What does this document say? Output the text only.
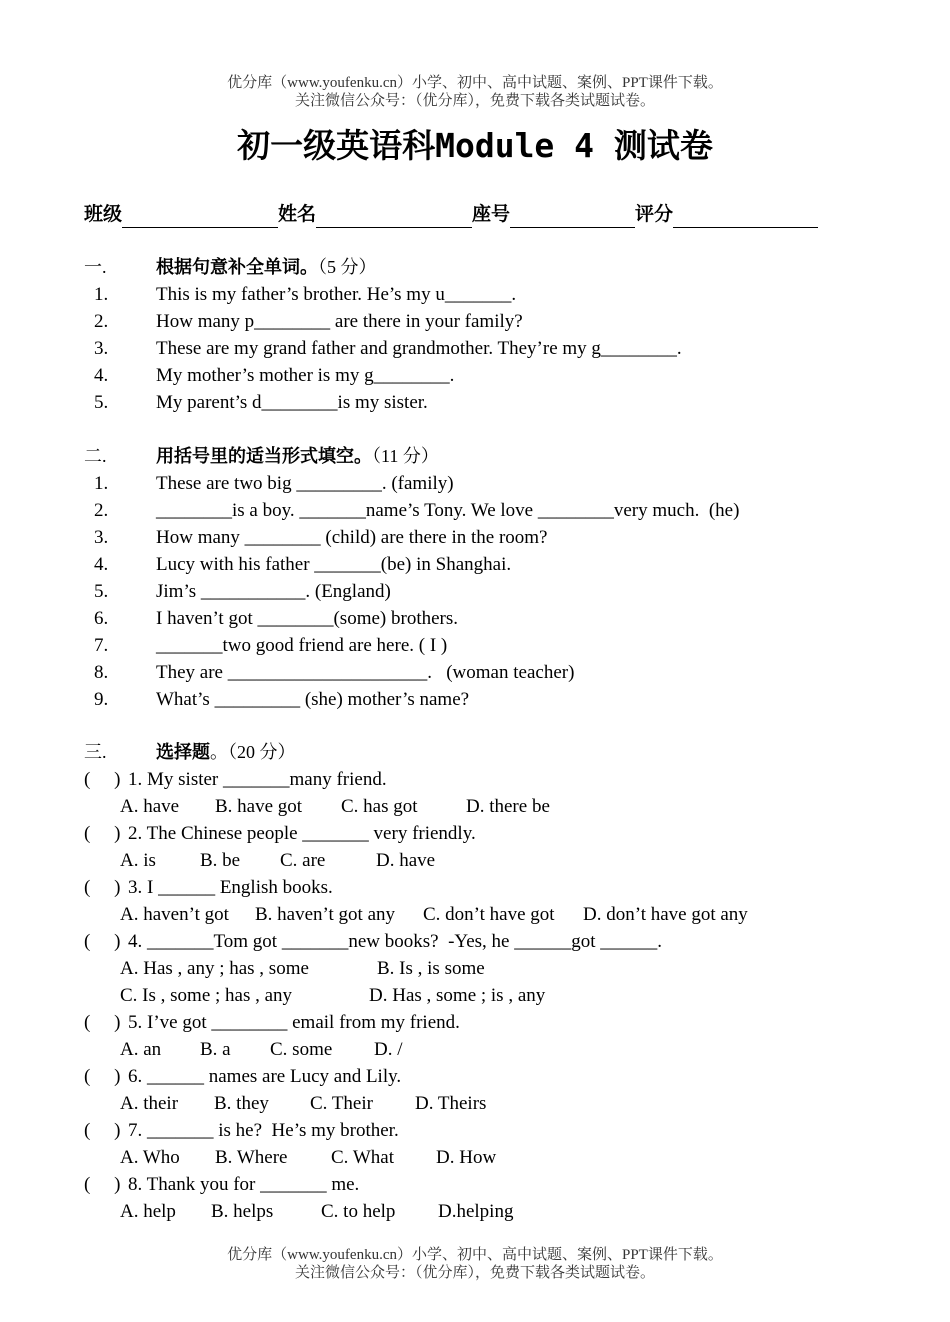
优分库（www.youfenku.cn）小学、初中、高中试题、案例、PPT课件下载。
关注微信公众号：（优分库），免费下载各类试题试卷。
初一级英语科Module 4 测试卷
班级	姓名	座号	评分
一.	根据句意补全单词。（5 分）
1.	This is my father’s brother. He’s my u_______.
2.	How many p________ are there in your family?
3.	These are my grand father and grandmother. They’re my g________.
4.	My mother’s mother is my g________.
5.	My parent’s d________is my sister.
二.	用括号里的适当形式填空。（11 分）
1.	These are two big _________. (family)
2.	________is a boy. _______name’s Tony. We love ________very much.  (he)
3.	How many ________ (child) are there in the room?
4.	Lucy with his father _______(be) in Shanghai.
5.	Jim’s ___________. (England)
6.	I haven’t got ________(some) brothers.
7.	_______two good friend are here. ( I )
8.	They are _____________________.   (woman teacher)
9.	What’s _________ (she) mother’s name?
三.	选择题。（20 分）
(     ) 1. My sister _______many friend.
A. have B. have got C. has got	D. there be
(     ) 2. The Chinese people _______ very friendly.
A. is B. be C. are	D. have
(     ) 3. I ______ English books.
A. haven’t got B. haven’t got any C. don’t have got D. don’t have got any
(     ) 4. _______Tom got _______new books?  -Yes, he ______got ______.
A. Has , any ; has , some	B. Is , is some
C. Is , some ; has , any	D. Has , some ; is , any
(     ) 5. I’ve got ________ email from my friend.
A. an B. a C. some D. /
(     ) 6. ______ names are Lucy and Lily.
A. their B. they C. Their D. Theirs
(     ) 7. _______ is he?  He’s my brother.
A. Who B. Where C. What D. How
(     ) 8. Thank you for _______ me.
A. help B. helps	C. to help D.helping
优分库（www.youfenku.cn）小学、初中、高中试题、案例、PPT课件下载。
关注微信公众号：（优分库），免费下载各类试题试卷。
